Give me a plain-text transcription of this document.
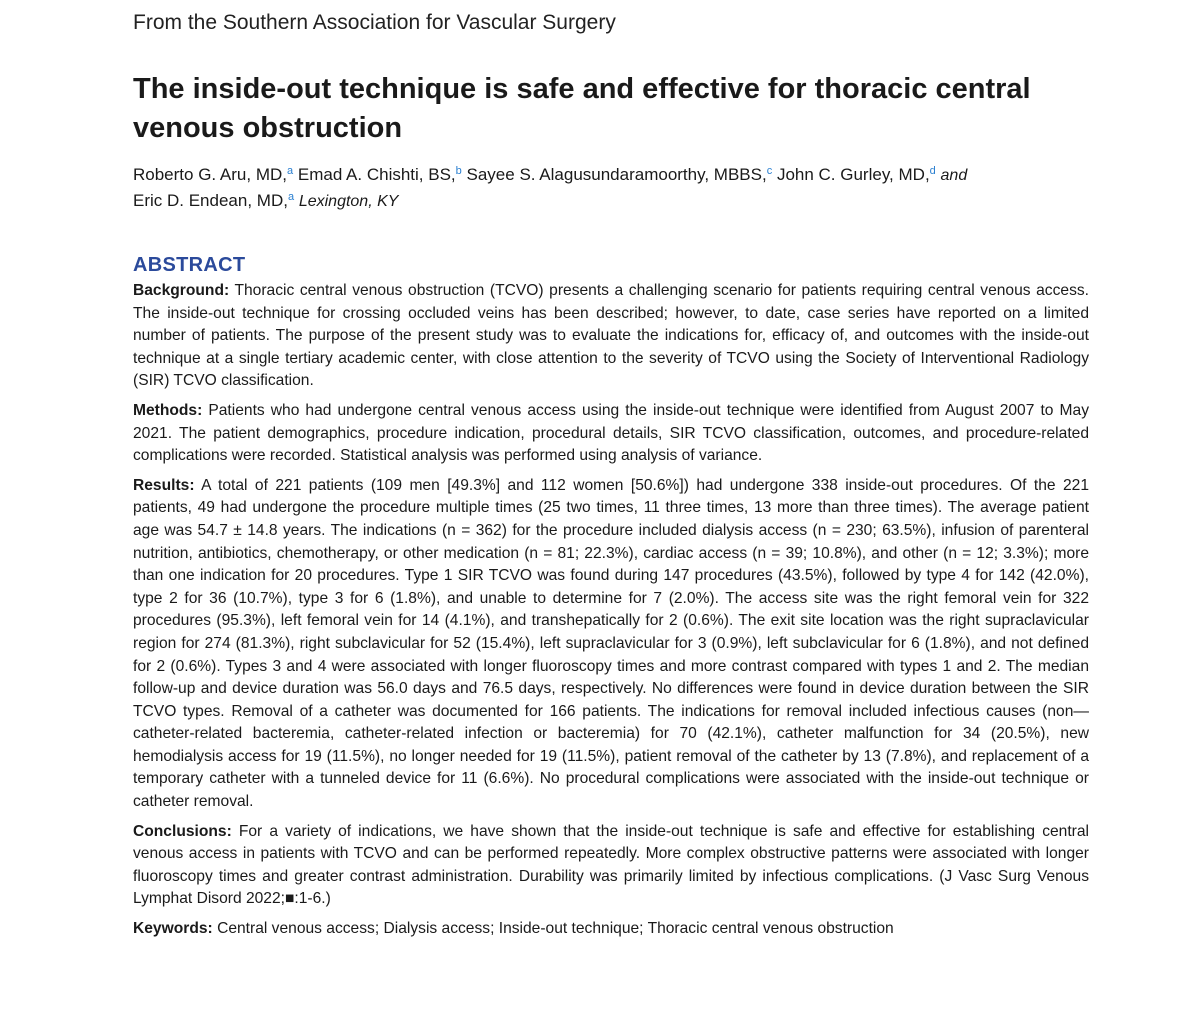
From the Southern Association for Vascular Surgery
The inside-out technique is safe and effective for thoracic central venous obstruction
Roberto G. Aru, MD,$^a$ Emad A. Chishti, BS,$^b$ Sayee S. Alagusundaramoorthy, MBBS,$^c$ John C. Gurley, MD,$^d$ and
Eric D. Endean, MD,$^a$ Lexington, KY
ABSTRACT

Background: Thoracic central venous obstruction (TCVO) presents a challenging scenario for patients requiring central venous access. The inside-out technique for crossing occluded veins has been described; however, to date, case series have reported on a limited number of patients. The purpose of the present study was to evaluate the indications for, efficacy of, and outcomes with the inside-out technique at a single tertiary academic center, with close attention to the severity of TCVO using the Society of Interventional Radiology (SIR) TCVO classification.

Methods: Patients who had undergone central venous access using the inside-out technique were identified from August 2007 to May 2021. The patient demographics, procedure indication, procedural details, SIR TCVO classification, outcomes, and procedure-related complications were recorded. Statistical analysis was performed using analysis of variance.

Results: A total of 221 patients (109 men [49.3%] and 112 women [50.6%]) had undergone 338 inside-out procedures. Of the 221 patients, 49 had undergone the procedure multiple times (25 two times, 11 three times, 13 more than three times). The average patient age was 54.7 ± 14.8 years. The indications (n = 362) for the procedure included dialysis access (n = 230; 63.5%), infusion of parenteral nutrition, antibiotics, chemotherapy, or other medication (n = 81; 22.3%), cardiac access (n = 39; 10.8%), and other (n = 12; 3.3%); more than one indication for 20 procedures. Type 1 SIR TCVO was found during 147 procedures (43.5%), followed by type 4 for 142 (42.0%), type 2 for 36 (10.7%), type 3 for 6 (1.8%), and unable to determine for 7 (2.0%). The access site was the right femoral vein for 322 procedures (95.3%), left femoral vein for 14 (4.1%), and transhepatically for 2 (0.6%). The exit site location was the right supraclavicular region for 274 (81.3%), right subclavicular for 52 (15.4%), left supraclavicular for 3 (0.9%), left subclavicular for 6 (1.8%), and not defined for 2 (0.6%). Types 3 and 4 were associated with longer fluoroscopy times and more contrast compared with types 1 and 2. The median follow-up and device duration was 56.0 days and 76.5 days, respectively. No differences were found in device duration between the SIR TCVO types. Removal of a catheter was documented for 166 patients. The indications for removal included infectious causes (non—catheter-related bacteremia, catheter-related infection or bacteremia) for 70 (42.1%), catheter malfunction for 34 (20.5%), new hemodialysis access for 19 (11.5%), no longer needed for 19 (11.5%), patient removal of the catheter by 13 (7.8%), and replacement of a temporary catheter with a tunneled device for 11 (6.6%). No procedural complications were associated with the inside-out technique or catheter removal.

Conclusions: For a variety of indications, we have shown that the inside-out technique is safe and effective for establishing central venous access in patients with TCVO and can be performed repeatedly. More complex obstructive patterns were associated with longer fluoroscopy times and greater contrast administration. Durability was primarily limited by infectious complications. (J Vasc Surg Venous Lymphat Disord 2022;■:1-6.)

Keywords: Central venous access; Dialysis access; Inside-out technique; Thoracic central venous obstruction
